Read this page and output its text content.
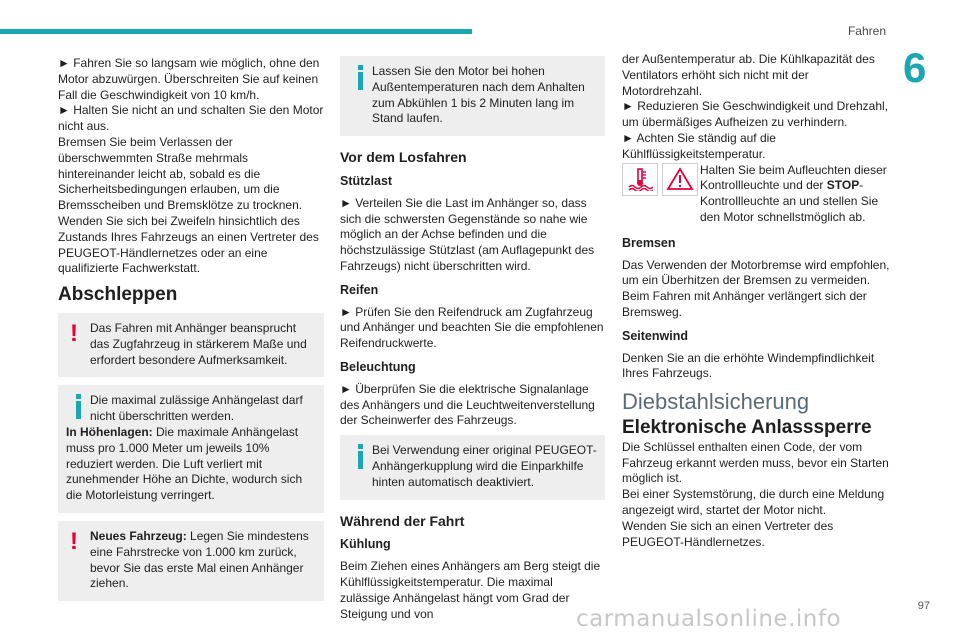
Fahren
6

► Fahren Sie so langsam wie möglich, ohne den Motor abzuwürgen. Überschreiten Sie auf keinen Fall die Geschwindigkeit von 10 km/h.

► Halten Sie nicht an und schalten Sie den Motor nicht aus.

Bremsen Sie beim Verlassen der überschwemmten Straße mehrmals hintereinander leicht ab, sobald es die Sicherheitsbedingungen erlauben, um die Bremsscheiben und Bremsklötze zu trocknen.

Wenden Sie sich bei Zweifeln hinsichtlich des Zustands Ihres Fahrzeugs an einen Vertreter des PEUGEOT-Händlernetzes oder an eine qualifizierte Fachwerkstatt.

Abschleppen
!	Das Fahren mit Anhänger beansprucht das Zugfahrzeug in stärkerem Maße und erfordert besondere Aufmerksamkeit.

Die maximal zulässige Anhängelast darf nicht überschritten werden.

In Höhenlagen: Die maximale Anhängelast muss pro 1.000 Meter um jeweils 10% reduziert werden. Die Luft verliert mit zunehmender Höhe an Dichte, wodurch sich die Motorleistung verringert.

!	Neues Fahrzeug: Legen Sie mindestens eine Fahrstrecke von 1.000 km zurück, bevor Sie das erste Mal einen Anhänger ziehen.

Lassen Sie den Motor bei hohen Außentemperaturen nach dem Anhalten zum Abkühlen 1 bis 2 Minuten lang im Stand laufen.

Vor dem Losfahren
Stützlast

► Verteilen Sie die Last im Anhänger so, dass sich die schwersten Gegenstände so nahe wie möglich an der Achse befinden und die höchstzulässige Stützlast (am Auflagepunkt des Fahrzeugs) nicht überschritten wird.

Reifen

► Prüfen Sie den Reifendruck am Zugfahrzeug und Anhänger und beachten Sie die empfohlenen Reifendruckwerte.

Beleuchtung

► Überprüfen Sie die elektrische Signalanlage des Anhängers und die Leuchtweitenverstellung der Scheinwerfer des Fahrzeugs.

Bei Verwendung einer original PEUGEOT-Anhängerkupplung wird die Einparkhilfe hinten automatisch deaktiviert.

Während der Fahrt
Kühlung

Beim Ziehen eines Anhängers am Berg steigt die Kühlflüssigkeitstemperatur. Die maximal zulässige Anhängelast hängt vom Grad der Steigung und von

der Außentemperatur ab. Die Kühlkapazität des Ventilators erhöht sich nicht mit der Motordrehzahl.

► Reduzieren Sie Geschwindigkeit und Drehzahl, um übermäßiges Aufheizen zu verhindern.

► Achten Sie ständig auf die Kühlflüssigkeitstemperatur.

Halten Sie beim Aufleuchten dieser Kontrollleuchte und der STOP-Kontrollleuchte an und stellen Sie den Motor schnellstmöglich ab.
Bremsen

Das Verwenden der Motorbremse wird empfohlen, um ein Überhitzen der Bremsen zu vermeiden. Beim Fahren mit Anhänger verlängert sich der Bremsweg.

Seitenwind

Denken Sie an die erhöhte Windempfindlichkeit Ihres Fahrzeugs.

Diebstahlsicherung
Elektronische Anlasssperre

Die Schlüssel enthalten einen Code, der vom Fahrzeug erkannt werden muss, bevor ein Starten möglich ist.

Bei einer Systemstörung, die durch eine Meldung angezeigt wird, startet der Motor nicht.

Wenden Sie sich an einen Vertreter des PEUGEOT-Händlernetzes.

97
carmanualsonline.info
